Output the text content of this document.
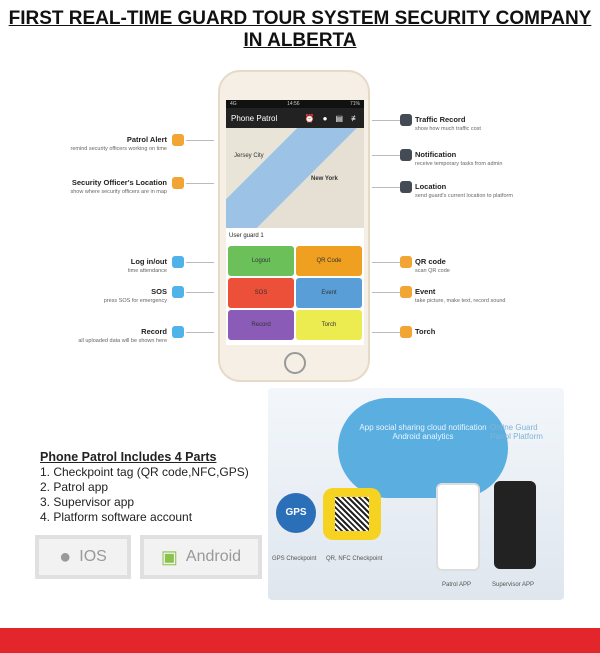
FIRST REAL-TIME GUARD TOUR SYSTEM SECURITY COMPANY IN ALBERTA
4G	14:56	71%
Phone Patrol	⏰ ● ▤ ≢
Jersey City
New York
User guard 1
Logout	QR Code
SOS	Event
Record	Torch
Patrol Alert
remind security officers working on time
Security Officer's Location
show where security officers are in map
Log in/out
time attendance
SOS
press SOS for emergency
Record
all uploaded data will be shown here
Traffic Record
show how much traffic cost
Notification
receive temporary tasks from admin
Location
send guard's current location to platform
QR code
scan QR code
Event
take picture, make text, record sound
Torch
Phone Patrol Includes 4 Parts
1. Checkpoint tag (QR code,NFC,GPS)
2. Patrol app
3. Supervisor app
4. Platform software account
● IOS	▣ Android
App social sharing cloud notification Android analytics
Online Guard Patrol Platform
GPS
GPS Checkpoint QR, NFC Checkpoint
Patrol APP	Supervisor APP
